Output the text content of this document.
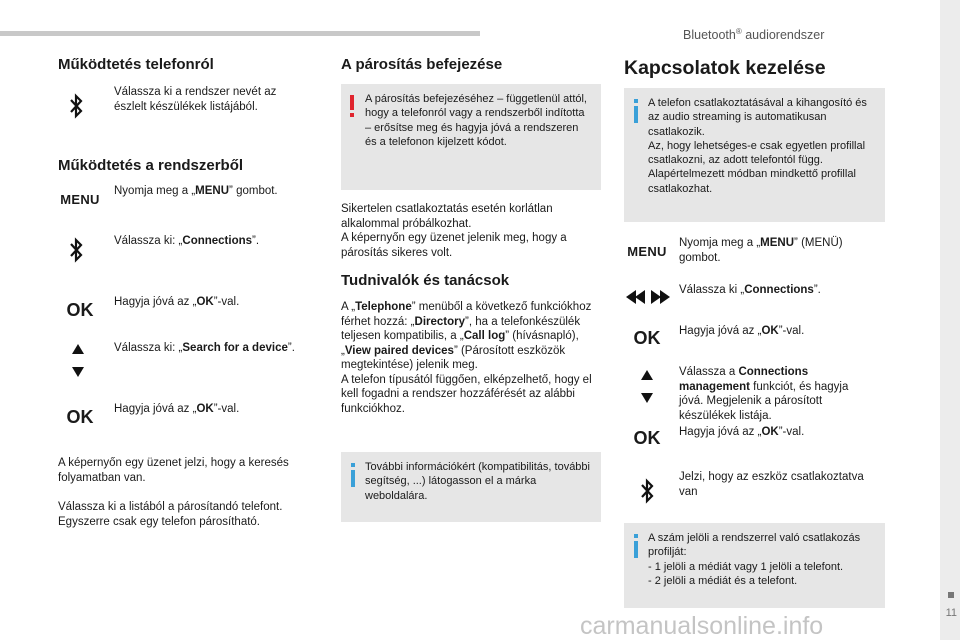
Bluetooth® audiorendszer
11
Működtetés telefonról
Válassza ki a rendszer nevét az észlelt készülékek listájából.
Működtetés a rendszerből
MENU
Nyomja meg a „MENU” gombot.
Válassza ki: „Connections”.
OK Hagyja jóvá az „OK”-val.
Válassza ki: „Search for a device”.
OK Hagyja jóvá az „OK”-val.
A képernyőn egy üzenet jelzi, hogy a keresés folyamatban van.
Válassza ki a listából a párosítandó telefont. Egyszerre csak egy telefon párosítható.
A párosítás befejezése
A párosítás befejezéséhez – függetlenül attól, hogy a telefonról vagy a rendszerből indította – erősítse meg és hagyja jóvá a rendszeren és a telefonon kijelzett kódot.
Sikertelen csatlakoztatás esetén korlátlan alkalommal próbálkozhat.
A képernyőn egy üzenet jelenik meg, hogy a párosítás sikeres volt.
Tudnivalók és tanácsok
A „Telephone” menüből a következő funkciókhoz férhet hozzá: „Directory”, ha a telefonkészülék teljesen kompatibilis, a „Call log” (hívásnapló), „View paired devices” (Párosított eszközök megtekintése) jelenik meg.
A telefon típusától függően, elképzelhető, hogy el kell fogadni a rendszer hozzáférését az alábbi funkciókhoz.
További információkért (kompatibilitás, további segítség, ...) látogasson el a márka weboldalára.
Kapcsolatok kezelése
A telefon csatlakoztatásával a kihangosító és az audio streaming is automatikusan csatlakozik.
Az, hogy lehetséges-e csak egyetlen profillal csatlakozni, az adott telefontól függ. Alapértelmezett módban mindkettő profillal csatlakozhat.
MENU
Nyomja meg a „MENU” (MENÜ) gombot.
Válassza ki „Connections”.
OK Hagyja jóvá az „OK”-val.
Válassza a Connections management funkciót, és hagyja jóvá. Megjelenik a párosított készülékek listája.
OK Hagyja jóvá az „OK”-val.
Jelzi, hogy az eszköz csatlakoztatva van
A szám jelöli a rendszerrel való csatlakozás profilját:
- 1 jelöli a médiát vagy 1 jelöli a telefont.
- 2 jelöli a médiát és a telefont.
carmanualsonline.info
